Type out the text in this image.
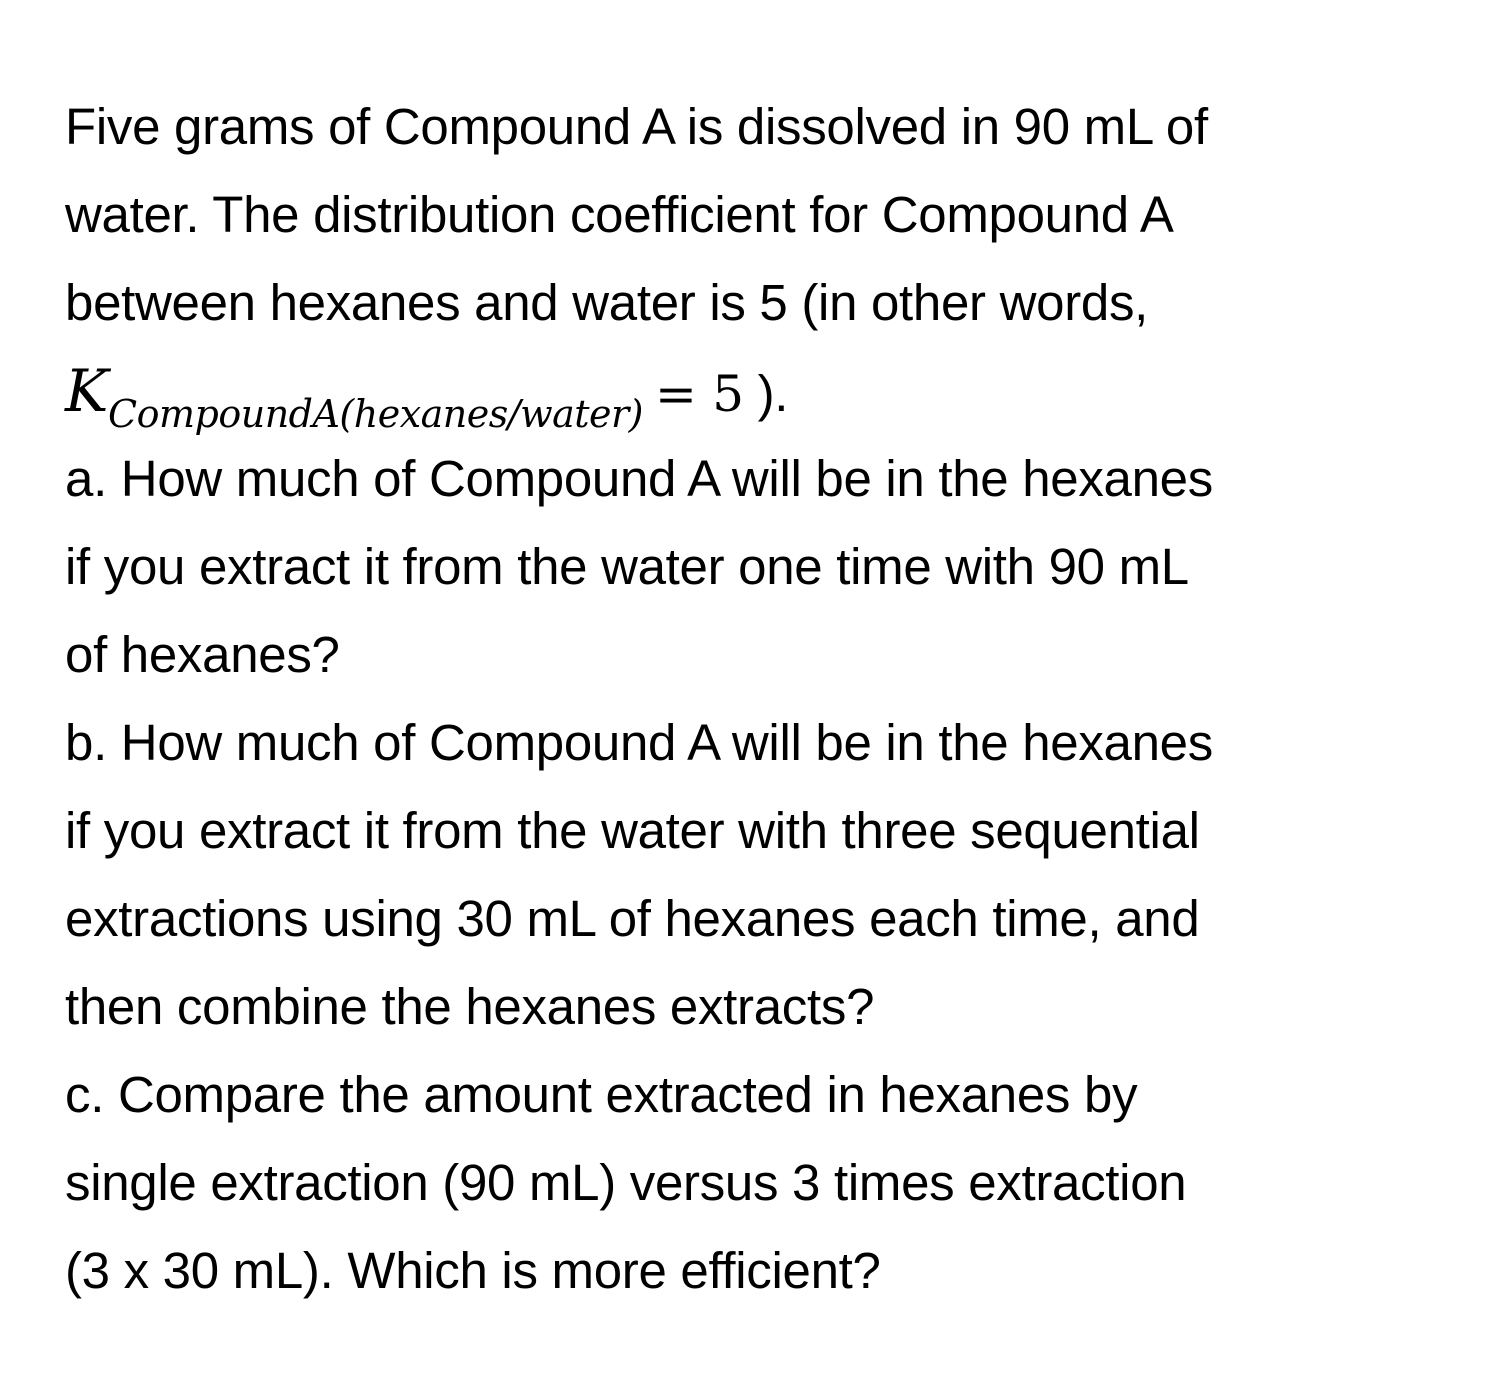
Five grams of Compound A is dissolved in 90 mL of
water. The distribution coefficient for Compound A
between hexanes and water is 5 (in other words,
$K_{CompoundA(hexanes/water)} = 5$ ).
a. How much of Compound A will be in the hexanes
if you extract it from the water one time with 90 mL
of hexanes?
b. How much of Compound A will be in the hexanes
if you extract it from the water with three sequential
extractions using 30 mL of hexanes each time, and
then combine the hexanes extracts?
c. Compare the amount extracted in hexanes by
single extraction (90 mL) versus 3 times extraction
(3 x 30 mL). Which is more efficient?
